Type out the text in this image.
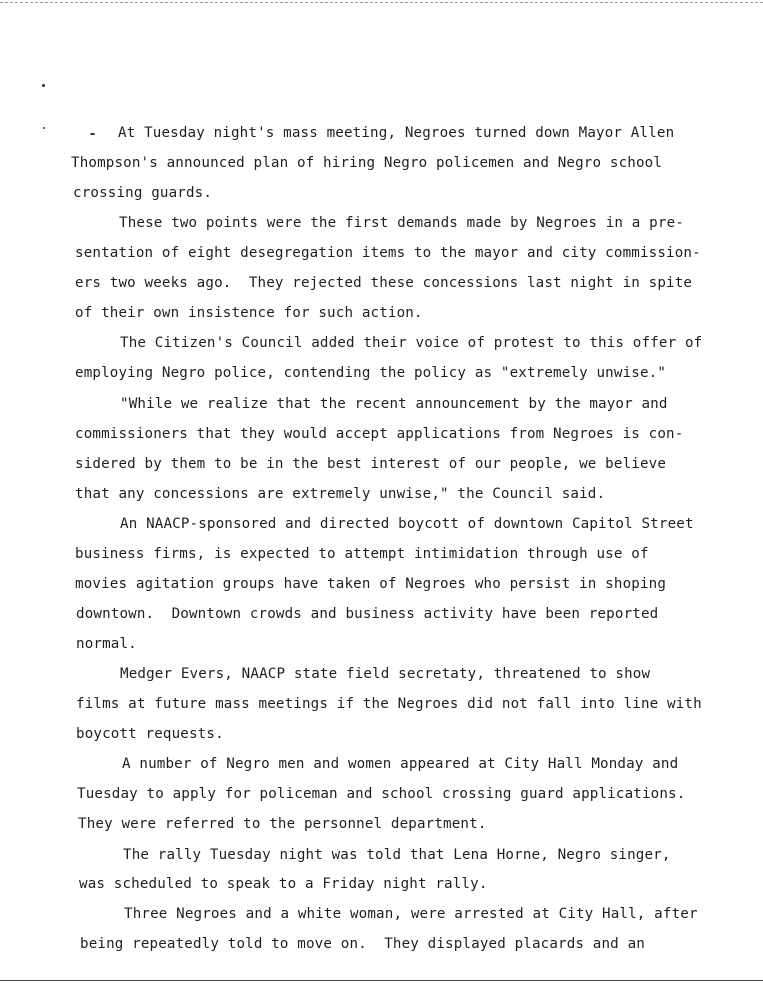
At Tuesday night's mass meeting, Negroes turned down Mayor Allen
Thompson's announced plan of hiring Negro policemen and Negro school
crossing guards.
These two points were the first demands made by Negroes in a pre-
sentation of eight desegregation items to the mayor and city commission-
ers two weeks ago.  They rejected these concessions last night in spite
of their own insistence for such action.
The Citizen's Council added their voice of protest to this offer of
employing Negro police, contending the policy as "extremely unwise."
"While we realize that the recent announcement by the mayor and
commissioners that they would accept applications from Negroes is con-
sidered by them to be in the best interest of our people, we believe
that any concessions are extremely unwise," the Council said.
An NAACP-sponsored and directed boycott of downtown Capitol Street
business firms, is expected to attempt intimidation through use of
movies agitation groups have taken of Negroes who persist in shoping
downtown.  Downtown crowds and business activity have been reported
normal.
Medger Evers, NAACP state field secretaty, threatened to show
films at future mass meetings if the Negroes did not fall into line with
boycott requests.
A number of Negro men and women appeared at City Hall Monday and
Tuesday to apply for policeman and school crossing guard applications.
They were referred to the personnel department.
The rally Tuesday night was told that Lena Horne, Negro singer,
was scheduled to speak to a Friday night rally.
Three Negroes and a white woman, were arrested at City Hall, after
being repeatedly told to move on.  They displayed placards and an
